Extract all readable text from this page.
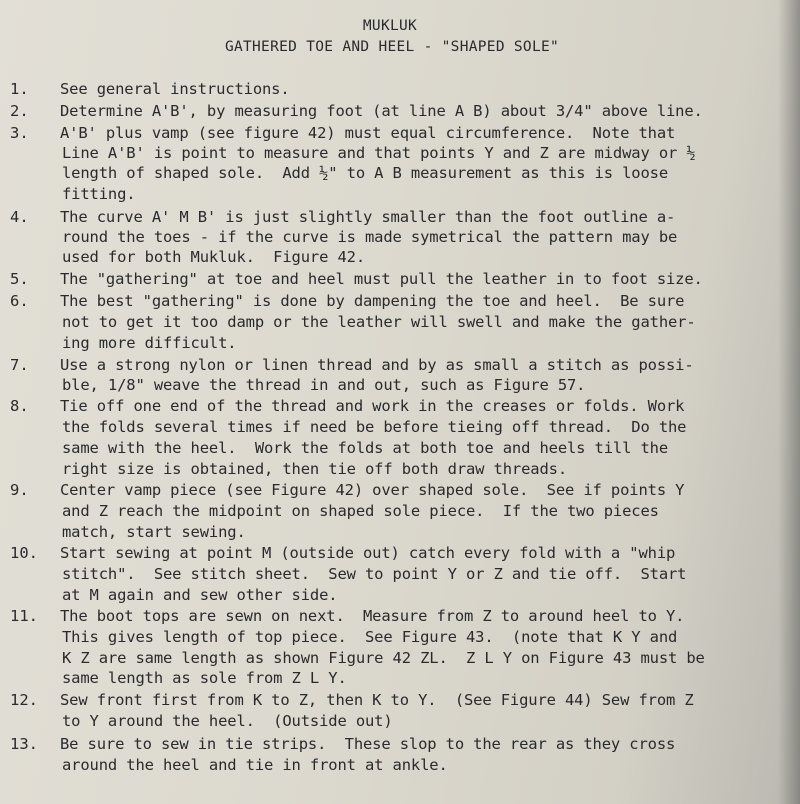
MUKLUK
GATHERED TOE AND HEEL - "SHAPED SOLE"
1.	See general instructions.
2.	Determine A'B', by measuring foot (at line A B) about 3/4" above line.
3.	A'B' plus vamp (see figure 42) must equal circumference.  Note that
Line A'B' is point to measure and that points Y and Z are midway or ½
length of shaped sole.  Add ½" to A B measurement as this is loose
fitting.
4.	The curve A' M B' is just slightly smaller than the foot outline a-
round the toes - if the curve is made symetrical the pattern may be
used for both Mukluk.  Figure 42.
5.	The "gathering" at toe and heel must pull the leather in to foot size.
6.	The best "gathering" is done by dampening the toe and heel.  Be sure
not to get it too damp or the leather will swell and make the gather-
ing more difficult.
7.	Use a strong nylon or linen thread and by as small a stitch as possi-
ble, 1/8" weave the thread in and out, such as Figure 57.
8.	Tie off one end of the thread and work in the creases or folds. Work
the folds several times if need be before tieing off thread.  Do the
same with the heel.  Work the folds at both toe and heels till the
right size is obtained, then tie off both draw threads.
9.	Center vamp piece (see Figure 42) over shaped sole.  See if points Y
and Z reach the midpoint on shaped sole piece.  If the two pieces
match, start sewing.
10.	Start sewing at point M (outside out) catch every fold with a "whip
stitch".  See stitch sheet.  Sew to point Y or Z and tie off.  Start
at M again and sew other side.
11.	The boot tops are sewn on next.  Measure from Z to around heel to Y.
This gives length of top piece.  See Figure 43.  (note that K Y and
K Z are same length as shown Figure 42 ZL.  Z L Y on Figure 43 must be
same length as sole from Z L Y.
12.	Sew front first from K to Z, then K to Y.  (See Figure 44) Sew from Z
to Y around the heel.  (Outside out)
13.	Be sure to sew in tie strips.  These slop to the rear as they cross
around the heel and tie in front at ankle.
